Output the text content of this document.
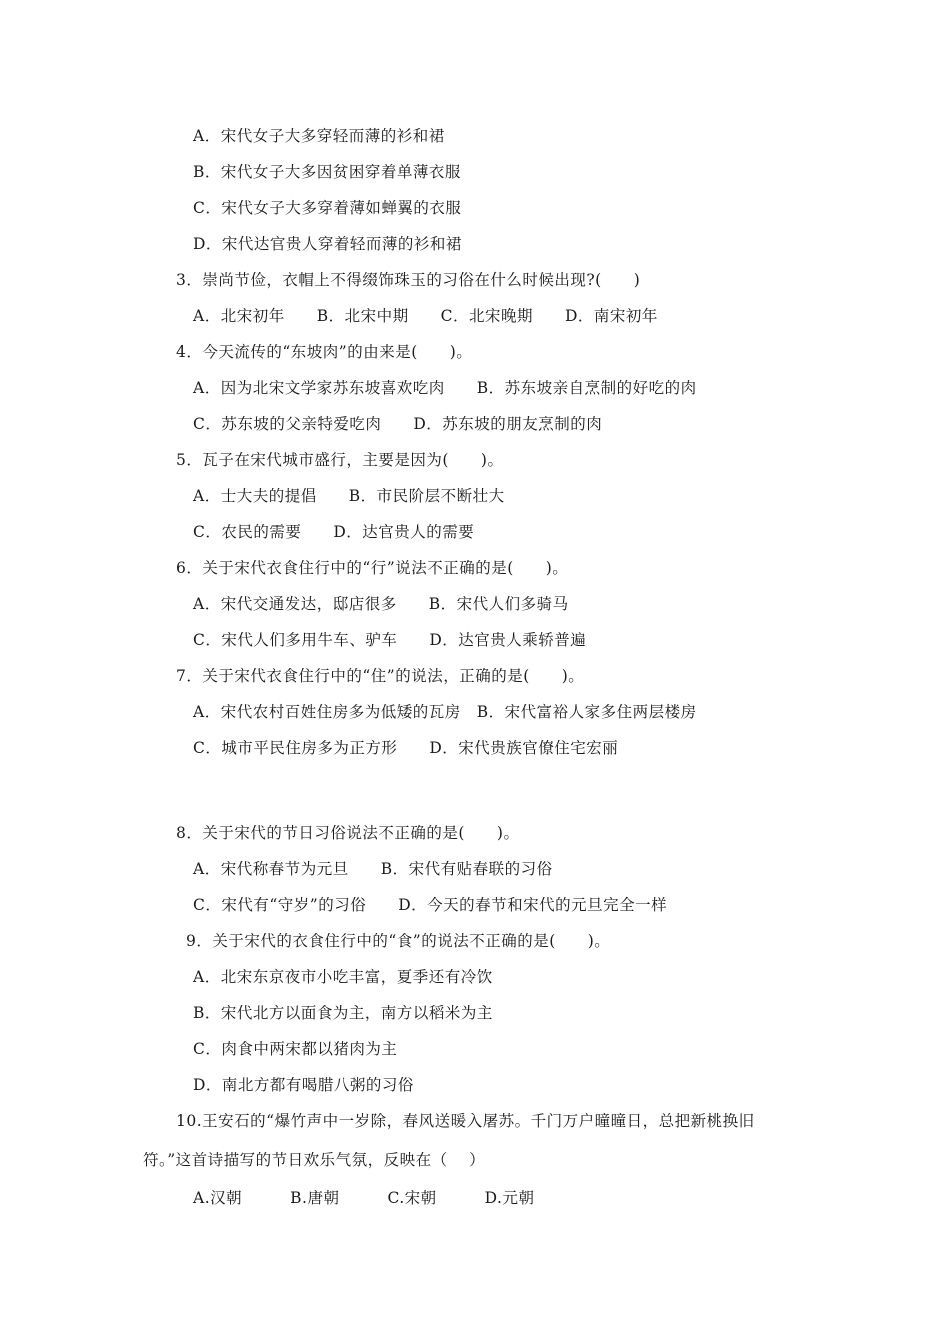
A．宋代女子大多穿轻而薄的衫和裙
B．宋代女子大多因贫困穿着单薄衣服
C．宋代女子大多穿着薄如蝉翼的衣服
D．宋代达官贵人穿着轻而薄的衫和裙
3．崇尚节俭，衣帽上不得缀饰珠玉的习俗在什么时候出现?(　　)
A．北宋初年　　B．北宋中期　　C．北宋晚期　　D．南宋初年
4．今天流传的“东坡肉”的由来是(　　)。
A．因为北宋文学家苏东坡喜欢吃肉　　B．苏东坡亲自烹制的好吃的肉
C．苏东坡的父亲特爱吃肉　　D．苏东坡的朋友烹制的肉
5．瓦子在宋代城市盛行，主要是因为(　　)。
A．士大夫的提倡　　B．市民阶层不断壮大
C．农民的需要　　D．达官贵人的需要
6．关于宋代衣食住行中的“行”说法不正确的是(　　)。
A．宋代交通发达，邸店很多　　B．宋代人们多骑马
C．宋代人们多用牛车、驴车　　D．达官贵人乘轿普遍
7．关于宋代衣食住行中的“住”的说法，正确的是(　　)。
A．宋代农村百姓住房多为低矮的瓦房　B．宋代富裕人家多住两层楼房
C．城市平民住房多为正方形　　D．宋代贵族官僚住宅宏丽
8．关于宋代的节日习俗说法不正确的是(　　)。
A．宋代称春节为元旦　　B．宋代有贴春联的习俗
C．宋代有“守岁”的习俗　　D．今天的春节和宋代的元旦完全一样
9．关于宋代的衣食住行中的“食”的说法不正确的是(　　)。
A．北宋东京夜市小吃丰富，夏季还有冷饮
B．宋代北方以面食为主，南方以稻米为主
C．肉食中两宋都以猪肉为主
D．南北方都有喝腊八粥的习俗
10.王安石的“爆竹声中一岁除，春风送暖入屠苏。千门万户曈曈日，总把新桃换旧
符。”这首诗描写的节日欢乐气氛，反映在（　 ）
A.汉朝　　　B.唐朝　　　C.宋朝　　　D.元朝
